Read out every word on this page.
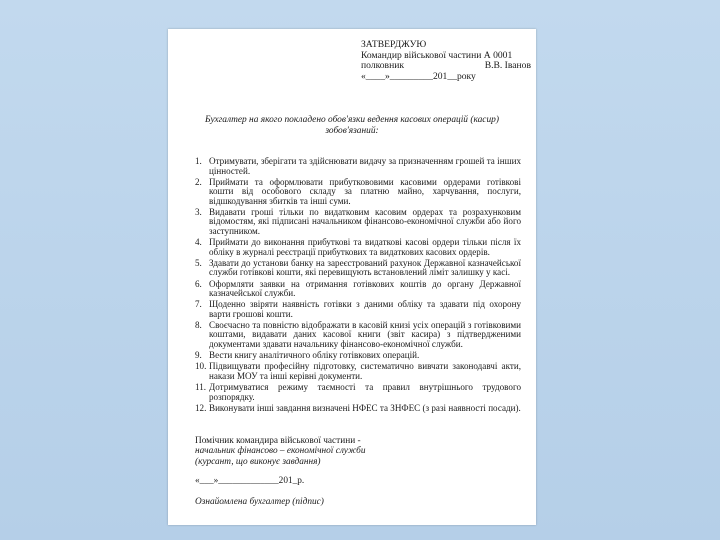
ЗАТВЕРДЖУЮ
Командир військової частини А 0001
полковник	В.В. Іванов
«____»_________201__року
Бухгалтер на якого покладено обов'язки ведення касових операцій (касир) зобов'язаний:
1. Отримувати, зберігати та здійснювати видачу за призначенням грошей та інших цінностей.
2. Приймати та оформлювати прибуткововими касовими ордерами готівкові кошти від особового складу за платню майно, харчування, послуги, відшкодування збитків та інші суми.
3. Видавати гроші тільки по видатковим касовим ордерах та розрахунковим відомостям, які підписані начальником фінансово-економічної служби або його заступником.
4. Приймати до виконання прибуткові та видаткові касові ордери тільки після їх обліку в журналі реєстрації прибуткових та видаткових касових ордерів.
5. Здавати до установи банку на зареєстрований рахунок Державної казначейської служби готівкові кошти, які перевищують встановлений ліміт залишку у касі.
6. Оформляти заявки на отримання готівкових коштів до органу Державної казначейської служби.
7. Щоденно звіряти наявність готівки з даними обліку та здавати під охорону варти грошові кошти.
8. Своєчасно та повністю відображати в касовій книзі усіх операцій з готівковими коштами, видавати даних касової книги (звіт касира) з підтвердженими документами здавати начальнику фінансово-економічної служби.
9. Вести книгу аналітичного обліку готівкових операцій.
10. Підвищувати професійну підготовку, систематично вивчати законодавчі акти, накази МОУ та інші керівні документи.
11. Дотримуватися режиму таємності та правил внутрішнього трудового розпорядку.
12. Виконувати інші завдання визначені НФЕС та ЗНФЕС (з разі наявності посади).
Помічник командира військової частини -
начальник фінансово – економічної служби
(курсант, що виконує завдання)
«___»_____________201_р.
Ознайомлена бухгалтер (підпис)
